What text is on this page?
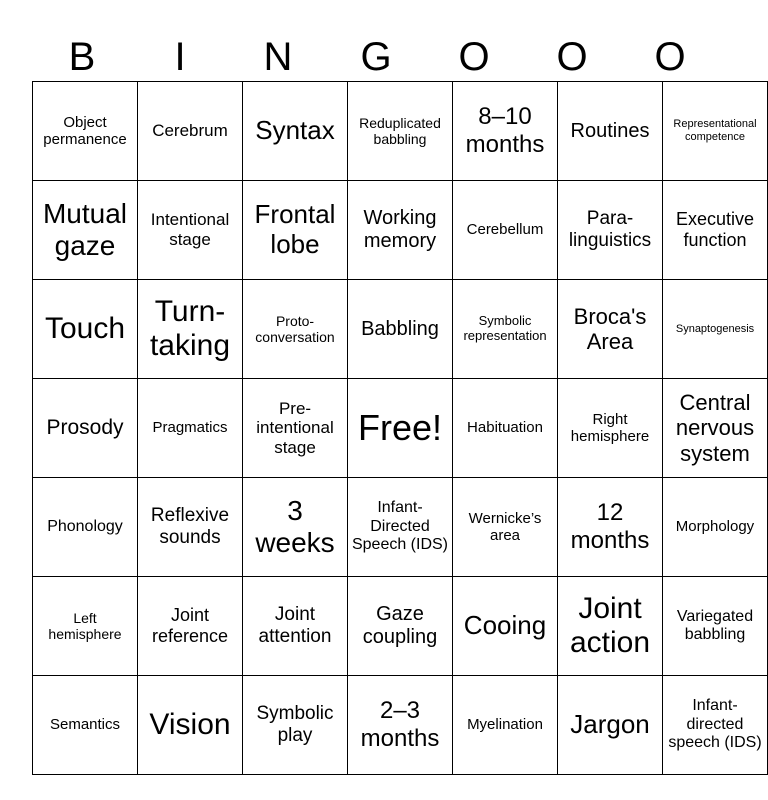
B	I	N	G	O	O	O
Object permanence	Cerebrum	Syntax	Reduplicated babbling	8–10 months	Routines	Representational competence
Mutual gaze	Intentional stage	Frontal lobe	Working memory	Cerebellum	Para-linguistics	Executive function
Touch	Turn-taking	Proto-conversation	Babbling	Symbolic representation	Broca's Area	Synaptogenesis
Prosody	Pragmatics	Pre-intentional stage	Free!	Habituation	Right hemisphere	Central nervous system
Phonology	Reflexive sounds	3 weeks	Infant-Directed Speech (IDS)	Wernicke’s area	12 months	Morphology
Left hemisphere	Joint reference	Joint attention	Gaze coupling	Cooing	Joint action	Variegated babbling
Semantics	Vision	Symbolic play	2–3 months	Myelination	Jargon	Infant-directed speech (IDS)
